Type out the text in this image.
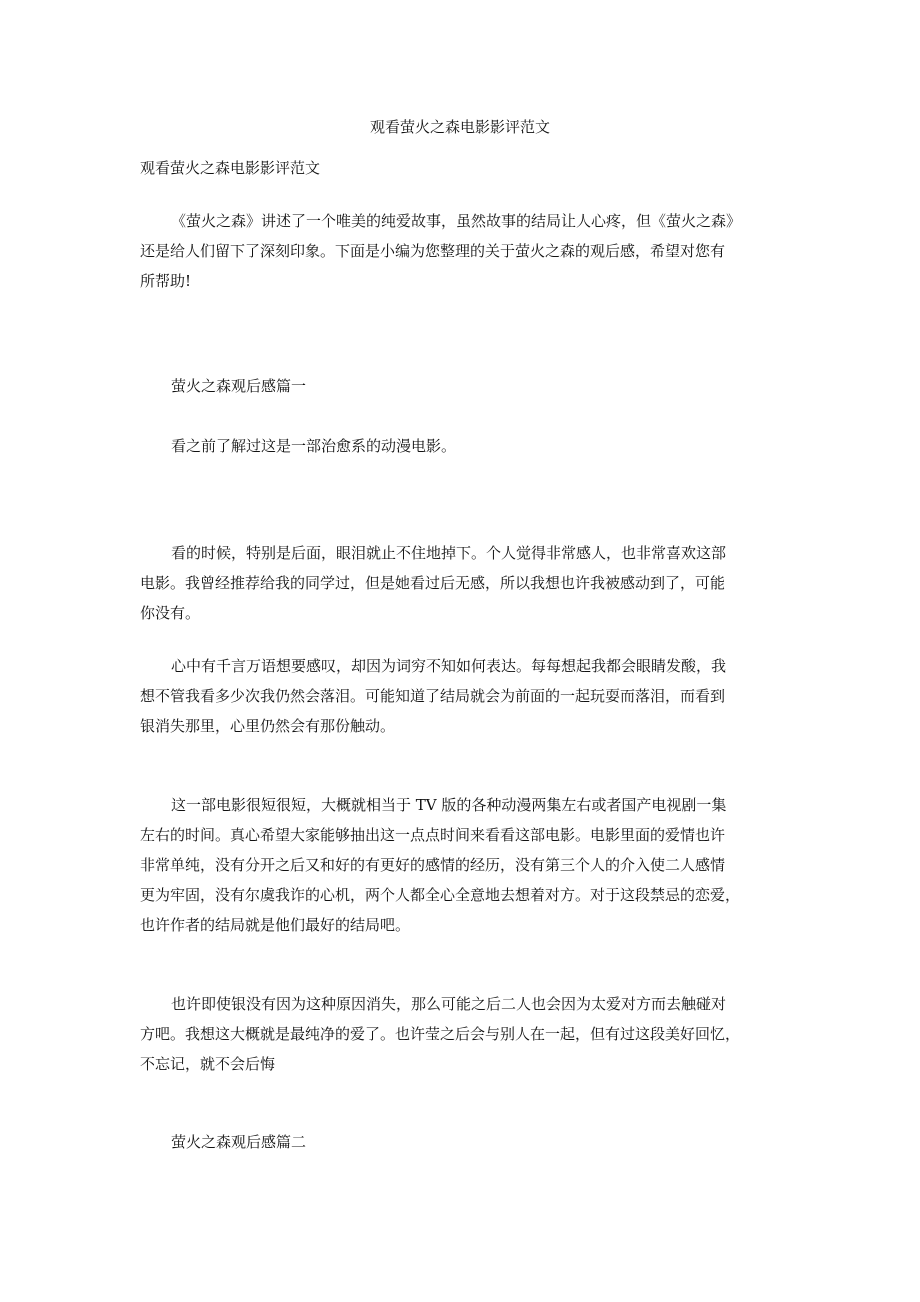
观看萤火之森电影影评范文
观看萤火之森电影影评范文
《萤火之森》讲述了一个唯美的纯爱故事，虽然故事的结局让人心疼，但《萤火之森》
还是给人们留下了深刻印象。下面是小编为您整理的关于萤火之森的观后感，希望对您有
所帮助!
萤火之森观后感篇一
看之前了解过这是一部治愈系的动漫电影。
看的时候，特别是后面，眼泪就止不住地掉下。个人觉得非常感人，也非常喜欢这部
电影。我曾经推荐给我的同学过，但是她看过后无感，所以我想也许我被感动到了，可能
你没有。
心中有千言万语想要感叹，却因为词穷不知如何表达。每每想起我都会眼睛发酸，我
想不管我看多少次我仍然会落泪。可能知道了结局就会为前面的一起玩耍而落泪，而看到
银消失那里，心里仍然会有那份触动。
这一部电影很短很短，大概就相当于 TV 版的各种动漫两集左右或者国产电视剧一集
左右的时间。真心希望大家能够抽出这一点点时间来看看这部电影。电影里面的爱情也许
非常单纯，没有分开之后又和好的有更好的感情的经历，没有第三个人的介入使二人感情
更为牢固，没有尔虞我诈的心机，两个人都全心全意地去想着对方。对于这段禁忌的恋爱，
也许作者的结局就是他们最好的结局吧。
也许即使银没有因为这种原因消失，那么可能之后二人也会因为太爱对方而去触碰对
方吧。我想这大概就是最纯净的爱了。也许莹之后会与别人在一起，但有过这段美好回忆，
不忘记，就不会后悔
萤火之森观后感篇二
